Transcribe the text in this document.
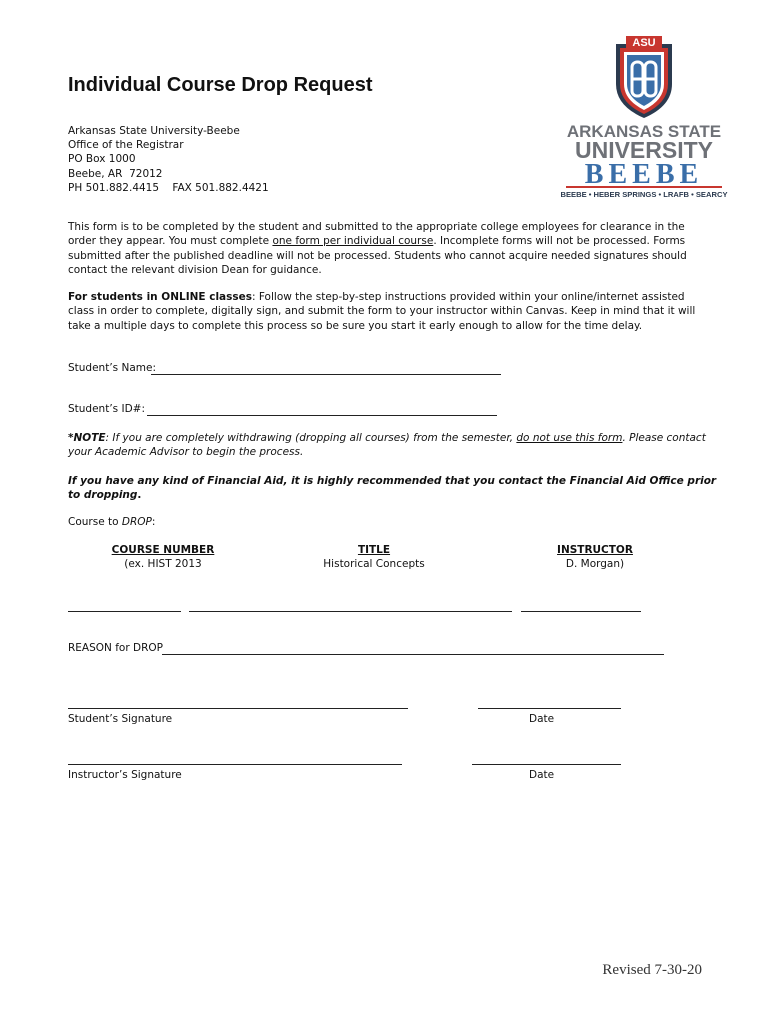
Individual Course Drop Request
Arkansas State University-Beebe
Office of the Registrar
PO Box 1000
Beebe, AR  72012
PH 501.882.4415    FAX 501.882.4421
ASU
ARKANSAS STATE
UNIVERSITY
BEEBE
BEEBE • HEBER SPRINGS • LRAFB • SEARCY
This form is to be completed by the student and submitted to the appropriate college employees for clearance in the order they appear. You must complete one form per individual course. Incomplete forms will not be processed. Forms submitted after the published deadline will not be processed. Students who cannot acquire needed signatures should contact the relevant division Dean for guidance.
For students in ONLINE classes: Follow the step-by-step instructions provided within your online/internet assisted class in order to complete, digitally sign, and submit the form to your instructor within Canvas. Keep in mind that it will take a multiple days to complete this process so be sure you start it early enough to allow for the time delay.
Student’s Name:
Student’s ID#:
*NOTE: If you are completely withdrawing (dropping all courses) from the semester, do not use this form. Please contact your Academic Advisor to begin the process.
If you have any kind of Financial Aid, it is highly recommended that you contact the Financial Aid Office prior to dropping.
Course to DROP:
COURSE NUMBER
(ex. HIST 2013
TITLE
Historical Concepts
INSTRUCTOR
D. Morgan)
REASON for DROP
Student’s Signature	Date
Instructor’s Signature	Date
Revised 7-30-20
